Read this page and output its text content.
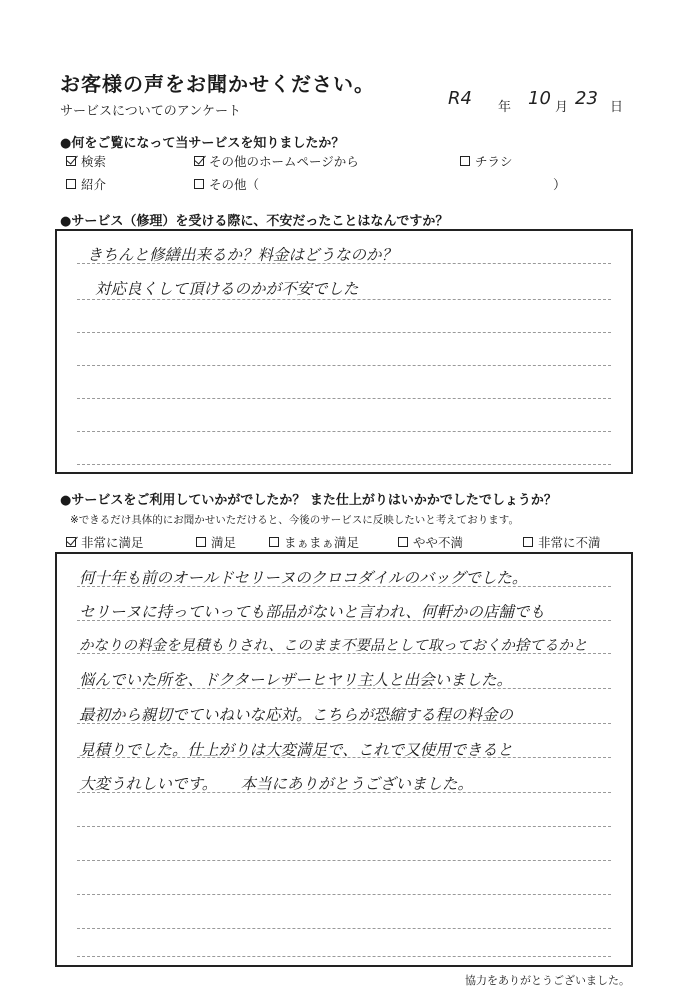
お客様の声をお聞かせください。
サービスについてのアンケート
R4 年 10 月 23 日
●何をご覧になって当サービスを知りましたか？
検索	その他のホームページから	チラシ
紹介	その他（	）
●サービス（修理）を受ける際に、不安だったことはなんですか？
きちんと修繕出来るか？料金はどうなのか？
対応良くして頂けるのかが不安でした
●サービスをご利用していかがでしたか？ また仕上がりはいかかでしたでしょうか？
※できるだけ具体的にお聞かせいただけると、今後のサービスに反映したいと考えております。
非常に満足	満足	まぁまぁ満足	やや不満	非常に不満
何十年も前のオールドセリーヌのクロコダイルのバッグでした。
セリーヌに持っていっても部品がないと言われ、何軒かの店舗でも
かなりの料金を見積もりされ、このまま不要品として取っておくか捨てるかと
悩んでいた所を、ドクターレザーヒヤリ主人と出会いました。
最初から親切でていねいな応対。こちらが恐縮する程の料金の
見積りでした。仕上がりは大変満足で、これで又使用できると
大変うれしいです。　　本当にありがとうございました。
協力をありがとうございました。
